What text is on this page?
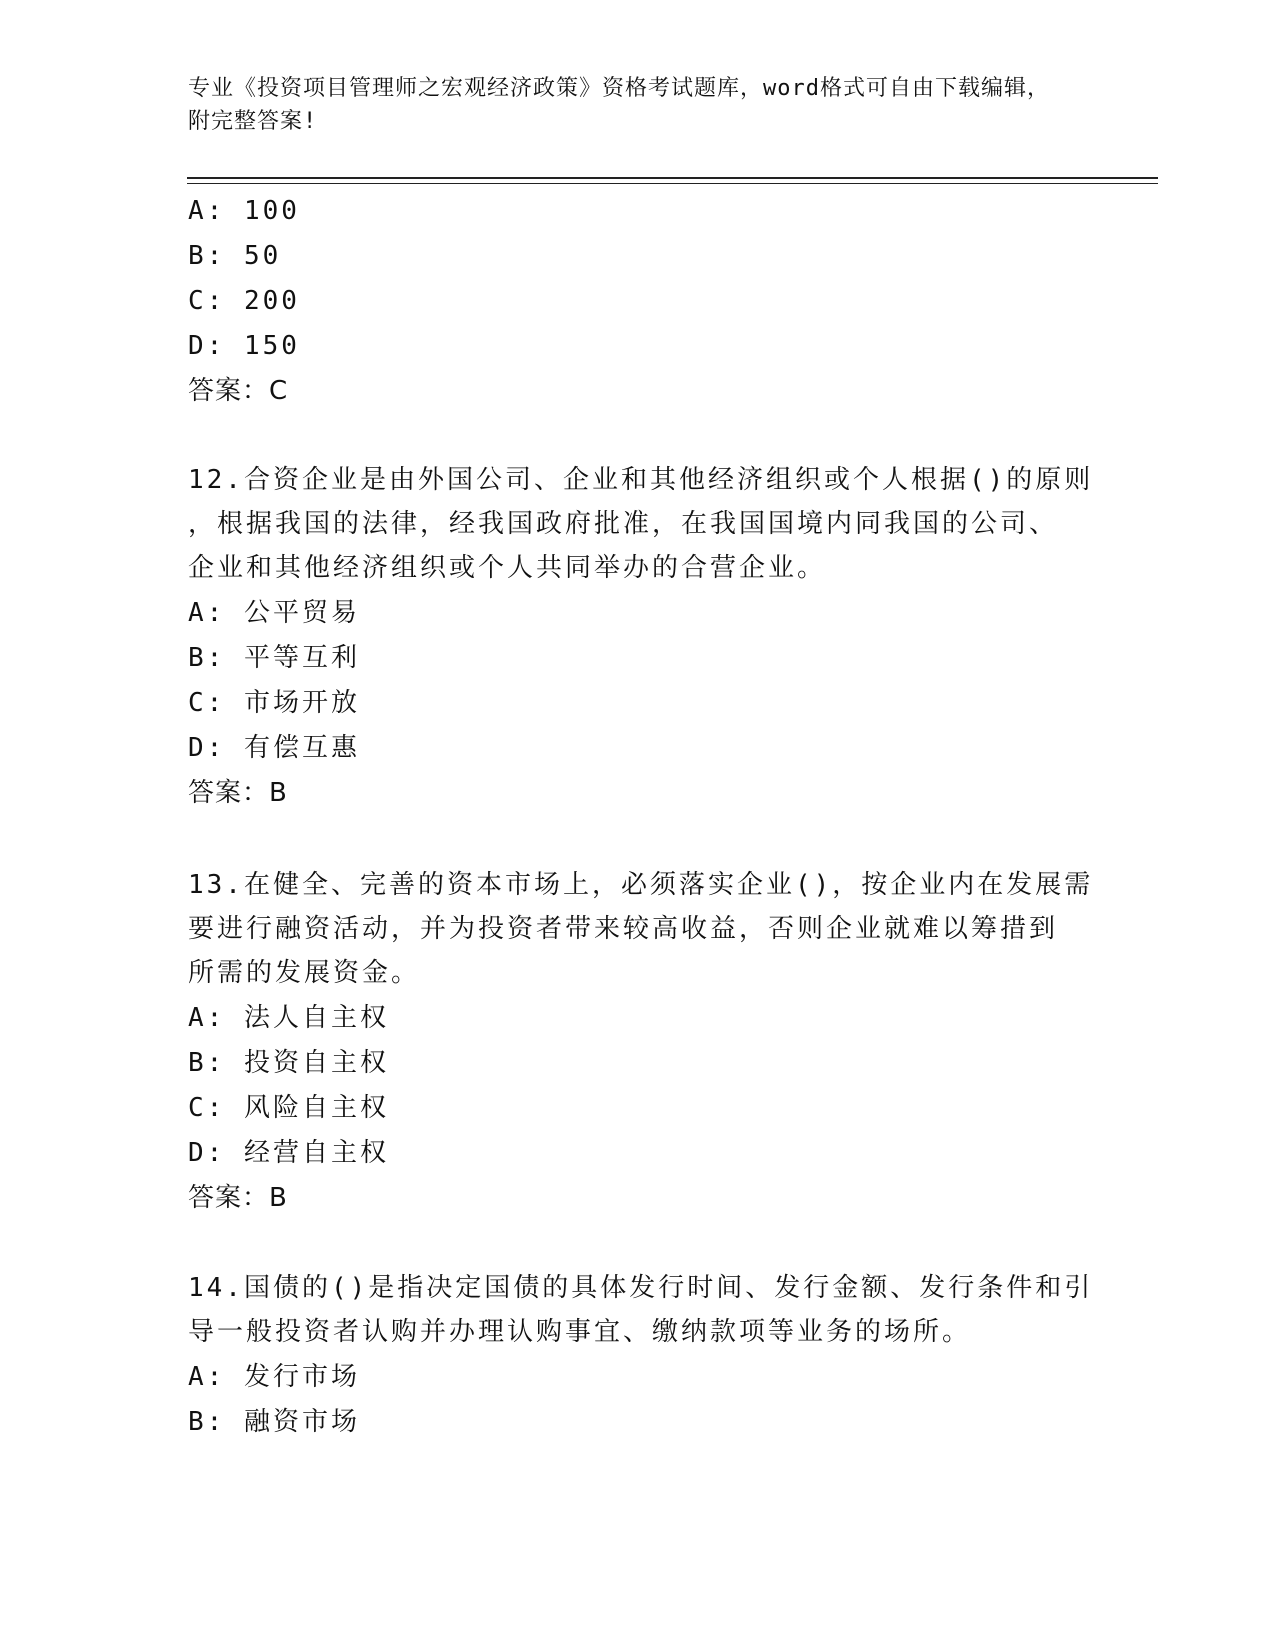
专业《投资项目管理师之宏观经济政策》资格考试题库，word格式可自由下载编辑，附完整答案!
A: 100
B: 50
C: 200
D: 150
答案：C
12.合资企业是由外国公司、企业和其他经济组织或个人根据()的原则
，根据我国的法律，经我国政府批准，在我国国境内同我国的公司、
企业和其他经济组织或个人共同举办的合营企业。
A: 公平贸易
B: 平等互利
C: 市场开放
D: 有偿互惠
答案：B
13.在健全、完善的资本市场上，必须落实企业()，按企业内在发展需
要进行融资活动，并为投资者带来较高收益，否则企业就难以筹措到
所需的发展资金。
A: 法人自主权
B: 投资自主权
C: 风险自主权
D: 经营自主权
答案：B
14.国债的()是指决定国债的具体发行时间、发行金额、发行条件和引
导一般投资者认购并办理认购事宜、缴纳款项等业务的场所。
A: 发行市场
B: 融资市场
